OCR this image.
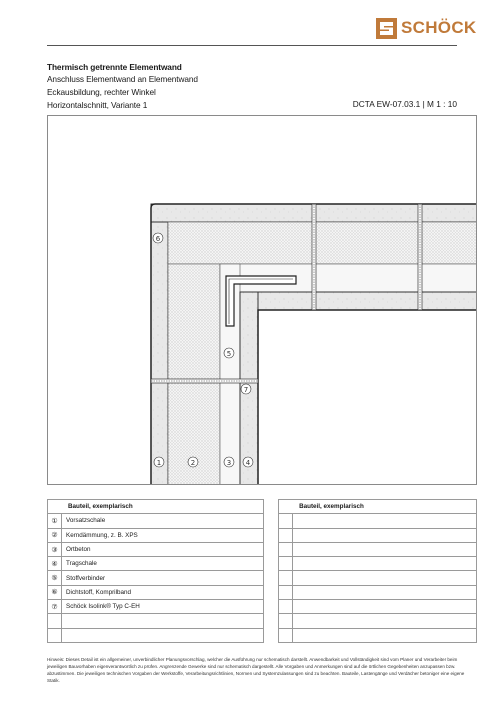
SCHÖCK
Thermisch getrennte Elementwand
Anschluss Elementwand an Elementwand
Eckausbildung, rechter Winkel
Horizontalschnitt, Variante 1	DCTA EW-07.03.1 | M 1 : 10
6
5
7
1	2	3 4
Bauteil, exemplarisch			Bauteil, exemplarisch	
①	Vorsatzschale			
②	Kerndämmung, z. B. XPS			
③	Ortbeton			
④	Tragschale			
⑤	Stoffverbinder			
⑥	Dichtstoff, Komprilband			
⑦	Schöck Isolink® Typ C-EH			

Hinweis: Dieses Detail ist ein allgemeiner, unverbindlicher Planungsvorschlag, welcher die Ausführung nur schematisch darstellt. Anwendbarkeit und Vollständigkeit sind vom Planer und Verarbeiter beim jeweiligen Bauvorhaben eigenverantwortlich zu prüfen. Angrenzende Gewerke sind nur schematisch dargestellt. Alle Vorgaben und Anmerkungen sind auf die örtlichen Gegebenheiten anzupassen bzw. abzustimmen. Die jeweiligen technischen Vorgaben der Werkstoffe, Verarbeitungsrichtlinien, Normen und Systemzulassungen sind zu beachten. Bauteile, Lastengänge und Verdächer betoniger eine eigene Statik.
